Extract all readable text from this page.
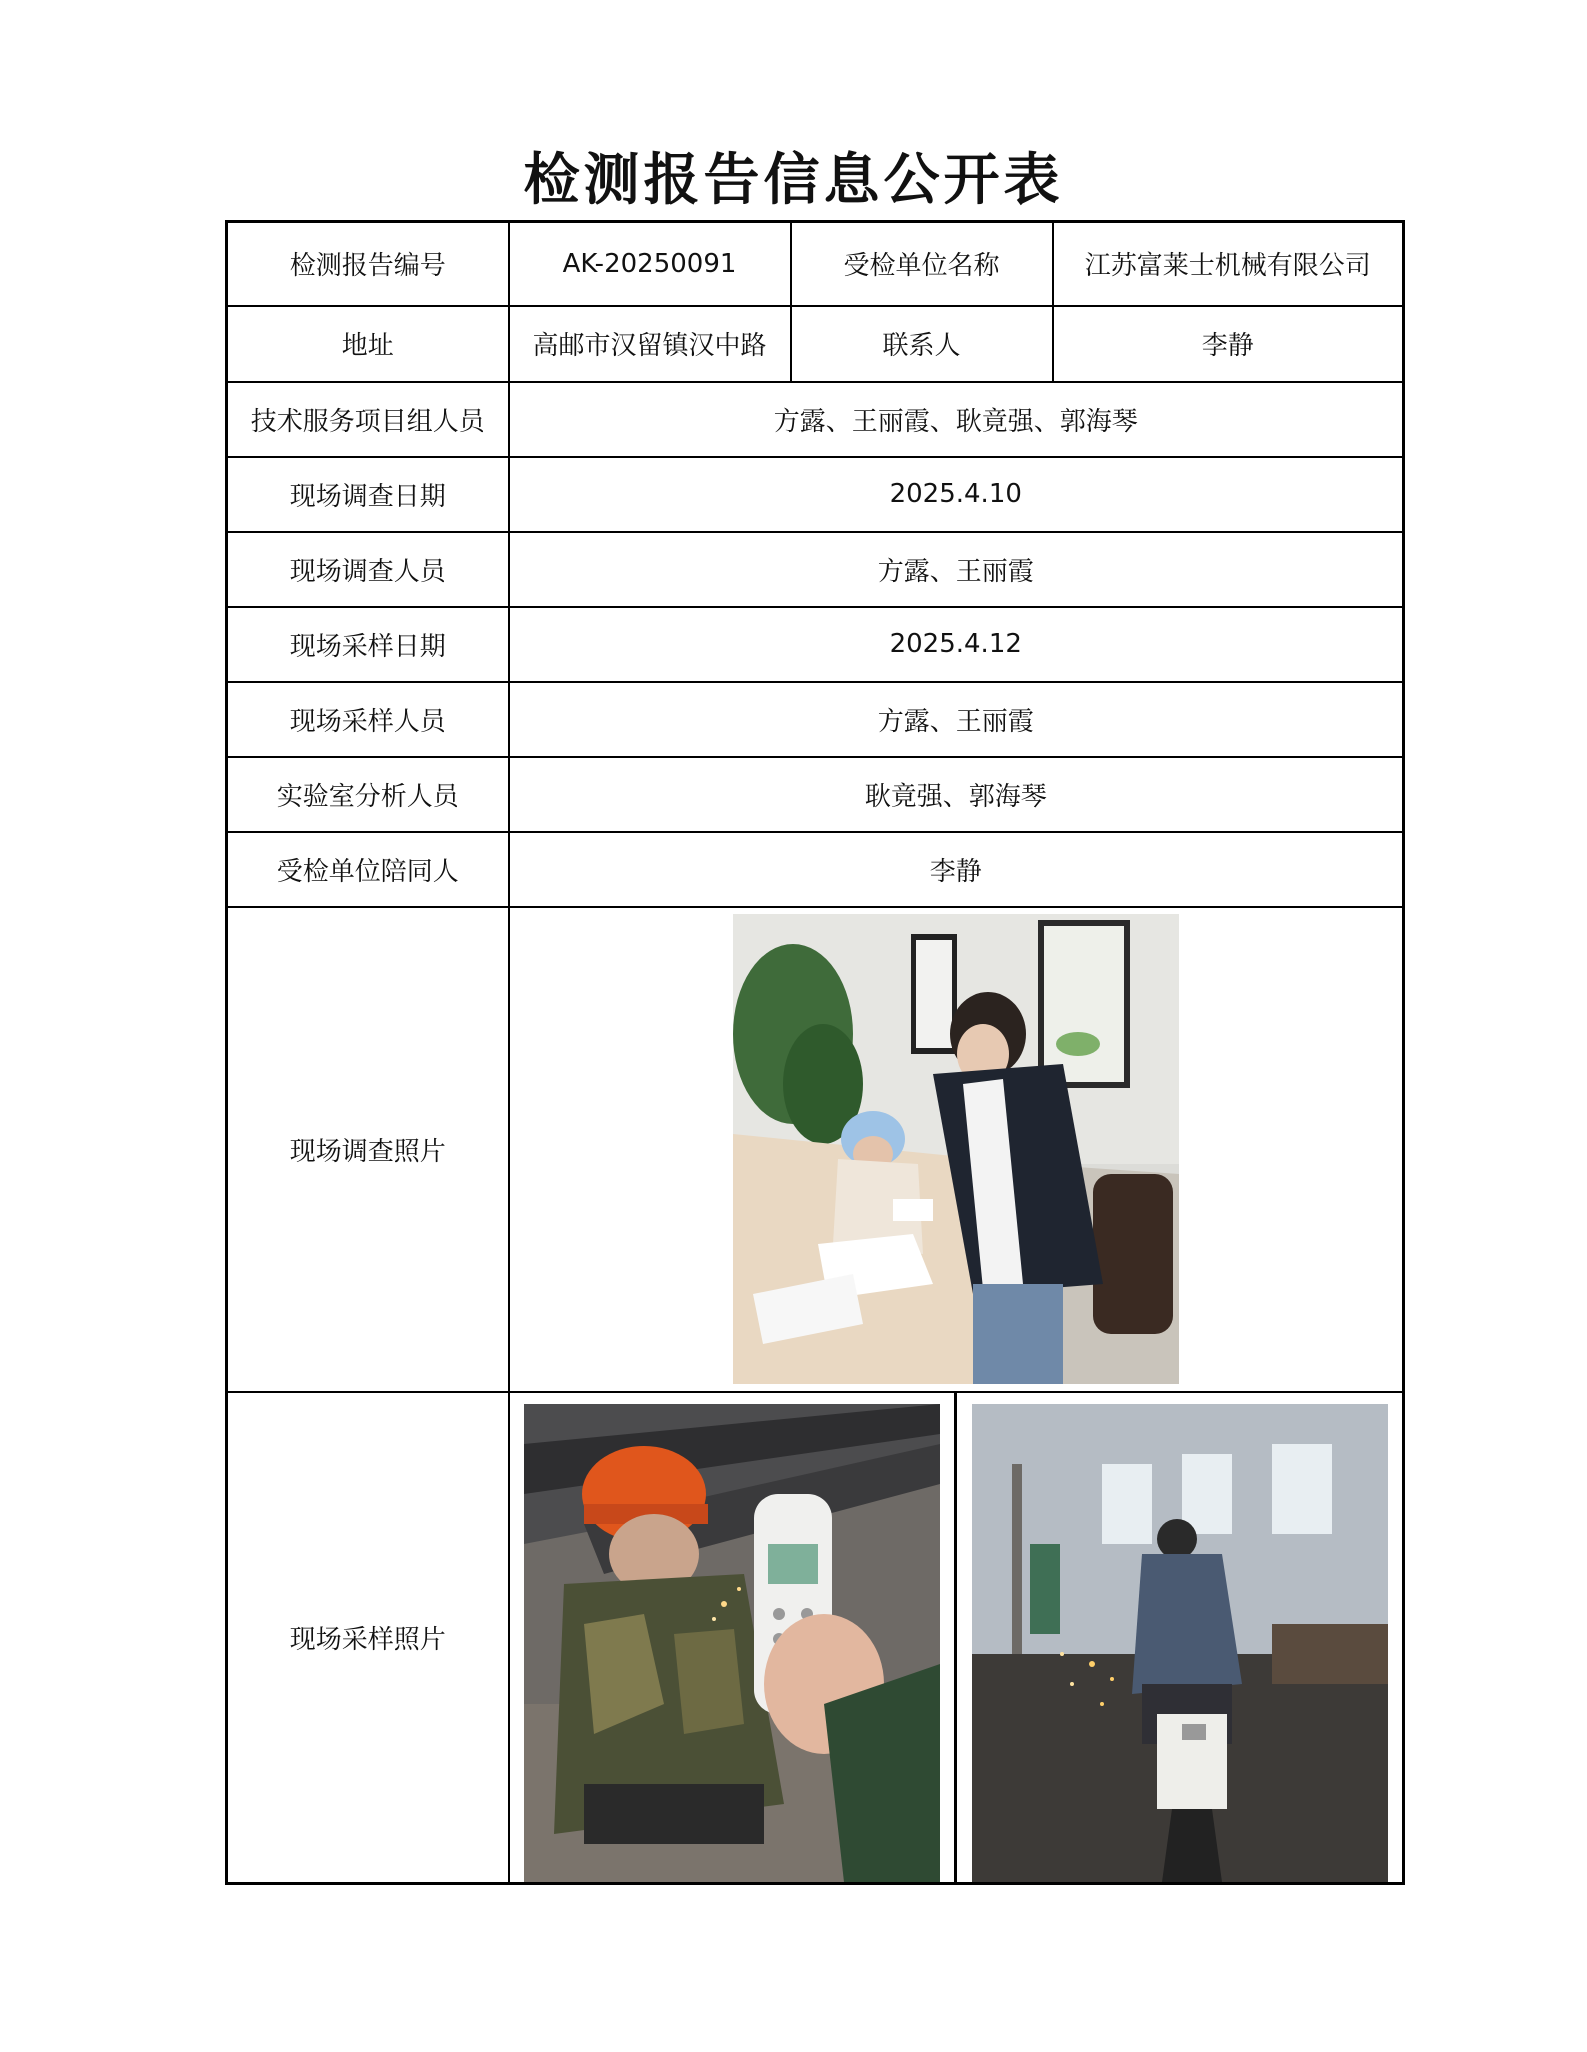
检测报告信息公开表
检测报告编号	AK-20250091	受检单位名称	江苏富莱士机械有限公司
地址	高邮市汉留镇汉中路	联系人	李静
技术服务项目组人员	方露、王丽霞、耿竟强、郭海琴		
现场调查日期	2025.4.10		
现场调查人员	方露、王丽霞		
现场采样日期	2025.4.12		
现场采样人员	方露、王丽霞		
实验室分析人员	耿竟强、郭海琴		
受检单位陪同人	李静		
现场调查照片	

现场采样照片	
